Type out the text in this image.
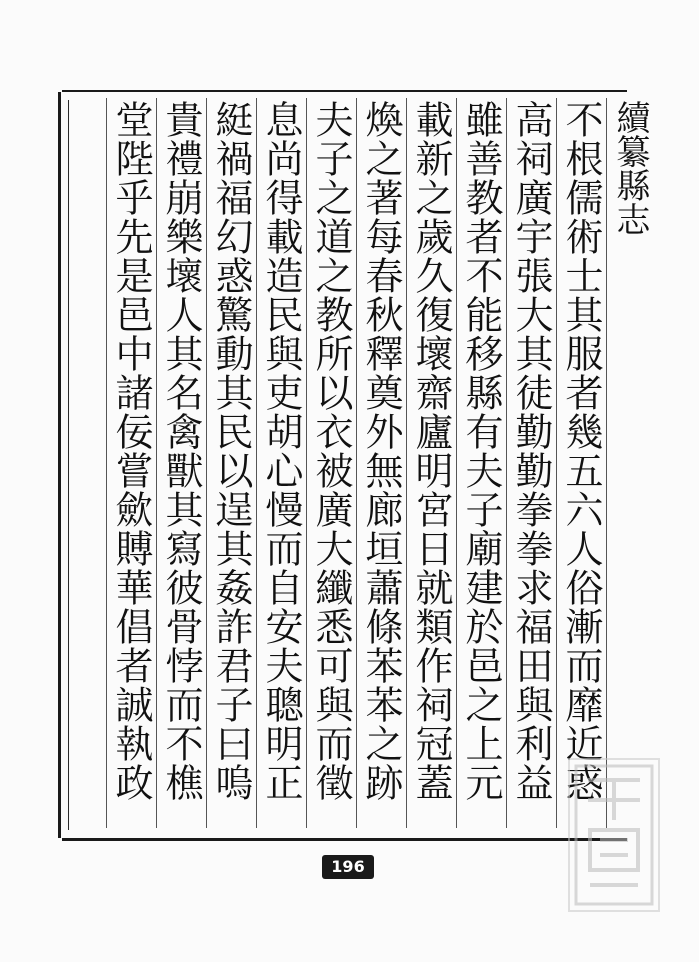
續纂縣志
不根儒術士其服者幾五六人俗漸而靡近惑
高祠廣宇張大其徒勤勤拳拳求福田與利益
雖善教者不能移縣有夫子廟建於邑之上元
載新之歲久復壞齋廬明宮日就類作祠冠蓋
煥之著每春秋釋奠外無廊垣蕭條苯苯之跡
夫子之道之教所以衣被廣大纖悉可與而徵
息尚得載造民與吏胡心慢而自安夫聰明正
綎禍福幻惑驚動其民以逞其姦詐君子曰嗚
貴禮崩樂壞人其名禽獸其寫彼骨悖而不樵
堂陛乎先是邑中諸佞嘗歛賻華倡者誠執政
196
